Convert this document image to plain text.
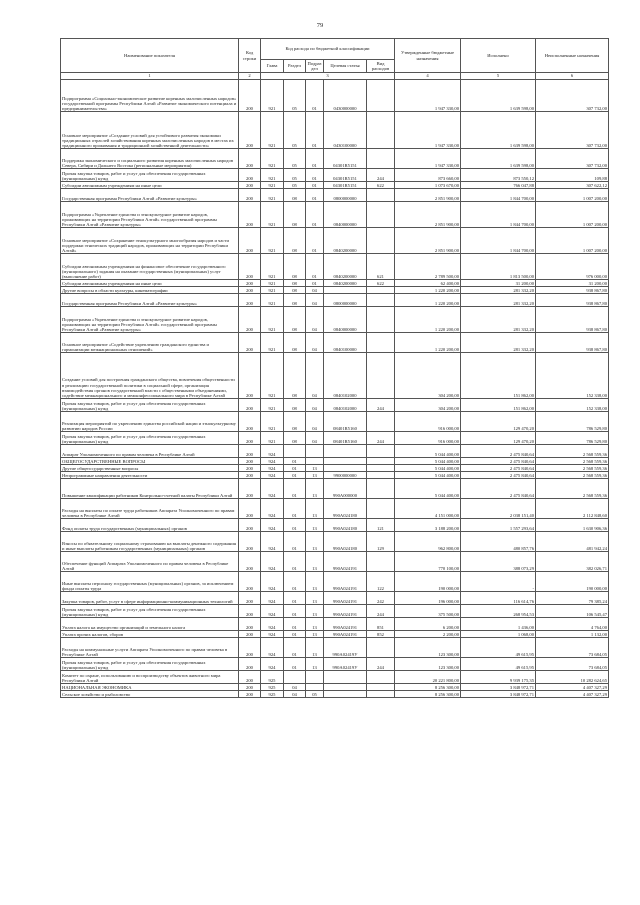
79
Наименование показателя	Код строки	Код расхода по бюджетной классификации					Утвержденные бюджетные назначения	Исполнено	Неисполненные назначения
		Глава	Раздел	Подраз дел	Целевая статья	Вид расходов			
1	2	3					4	5	6
Подпрограмма «Социально-экономическое развитие коренных малочисленных народов» государственной программы Республики Алтай «Развитие экономического потенциала и предпринимательства»	200	921	05	01	0430000000		1 947 330,00	1 639 598,00	307 732,00
Основное мероприятие «Создание условий для устойчивого развития экономики традиционных отраслей хозяйствования коренных малочисленных народов в местах их традиционного проживания и традиционной хозяйственной деятельности»	200	921	05	01	0430100000		1 947 330,00	1 639 598,00	307 732,00
Поддержка экономического и социального развития коренных малочисленных народов Севера, Сибири и Дальнего Востока (региональные мероприятия)	200	921	05	01	04301R5151		1 947 330,00	1 639 598,00	307 732,00
Прочая закупка товаров, работ и услуг для обеспечения государственных (муниципальных) нужд	200	921	05	01	04301R5151	244	873 660,00	873 550,12	109,88
Субсидии автономным учреждениям на иные цели	200	921	05	01	04301R5151	622	1 073 670,00	766 047,88	307 622,12
Государственная программа Республики Алтай «Развитие культуры»	200	921	08	01	0800000000		2 851 900,00	1 844 700,00	1 007 200,00
Подпрограмма «Укрепление единства и этнокультурное развитие народов, проживающих на территории Республики Алтай» государственной программы Республики Алтай «Развитие культуры»	200	921	08	01	0840000000		2 851 900,00	1 844 700,00	1 007 200,00
Основное мероприятие «Сохранение этнокультурного многообразия народов и части поддержки этнических традиций народов, проживающих на территории Республики Алтай»	200	921	08	01	0840200000		2 851 900,00	1 844 700,00	1 007 200,00
Субсидии автономным учреждениям на финансовое обеспечение государственного (муниципального) задания на оказание государственных (муниципальных) услуг (выполнение работ)	200	921	08	01	0840200000	621	2 789 500,00	1 813 500,00	976 000,00
Субсидии автономным учреждениям на иные цели	200	921	08	01	0840200000	622	62 400,00	31 200,00	31 200,00
Другие вопросы в области культуры, кинематографии	200	921	08	04			1 220 200,00	281 332,20	938 867,80
Государственная программа Республики Алтай «Развитие культуры»	200	921	08	04	0800000000		1 220 200,00	281 332,20	938 867,80
Подпрограмма «Укрепление единства и этнокультурное развитие народов, проживающих на территории Республики Алтай» государственной программы Республики Алтай «Развитие культуры»	200	921	08	04	0840000000		1 220 200,00	281 332,20	938 867,80
Основное мероприятие «Содействие укреплению гражданского единства и гармонизации межнациональных отношений»	200	921	08	04	0840100000		1 220 200,00	281 332,20	938 867,80
Создание условий для построения гражданского общества, вовлечения общественности в реализацию государственной политики в социальной сфере, организация взаимодействия органов государственной власти с общественными объединениями, содействие межнационального и межконфессионального мира в Республике Алтай	200	921	08	04	0840102000		304 200,00	151 862,00	152 338,00
Прочая закупка товаров, работ и услуг для обеспечения государственных (муниципальных) нужд	200	921	08	04	0840102000	244	304 200,00	151 862,00	152 338,00
Реализация мероприятий по укреплению единства российской нации и этнокультурному развитию народов России	200	921	08	04	08401R5160		916 000,00	129 470,20	786 529,80
Прочая закупка товаров, работ и услуг для обеспечения государственных (муниципальных) нужд	200	921	08	04	08401R5160	244	916 000,00	129 470,20	786 529,80
Аппарат Уполномоченного по правам человека в Республике Алтай	200	924					5 044 400,00	2 475 840,64	2 568 559,36
ОБЩЕГОСУДАРСТВЕННЫЕ ВОПРОСЫ	200	924	01				5 044 400,00	2 475 840,64	2 568 559,36
Другие общегосударственные вопросы	200	924	01	13			5 044 400,00	2 475 840,64	2 568 559,36
Непрограммные направления деятельности	200	924	01	13	9900000000		5 044 400,00	2 475 840,64	2 568 559,36
Повышение квалификации работников Контрольно-счетной палаты Республики Алтай	200	924	01	13	990A000000		5 044 400,00	2 475 840,64	2 568 559,36
Расходы на выплаты по оплате труда работников Аппарата Уполномоченного по правам человека в Республике Алтай	200	924	01	13	990A024180		4 151 000,00	2 038 151,40	2 112 848,60
Фонд оплаты труда государственных (муниципальных) органов	200	924	01	13	990A024180	121	3 188 200,00	1 557 293,64	1 630 906,36
Взносы по обязательному социальному страхованию на выплаты денежного содержания и иные выплаты работникам государственных (муниципальных) органов	200	924	01	13	990A024180	129	962 800,00	480 857,76	481 942,24
Обеспечение функций Аппарата Уполномоченного по правам человека в Республике Алтай	200	924	01	13	990A024191		770 100,00	388 073,29	382 026,71
Иные выплаты персоналу государственных (муниципальных) органов, за исключением фонда оплаты труда	200	924	01	13	990A024191	122	190 000,00	-	190 000,00
Закупка товаров, работ, услуг в сфере информационно-коммуникационных технологий	200	924	01	13	990A024191	242	196 000,00	116 614,76	79 385,24
Прочая закупка товаров, работ и услуг для обеспечения государственных (муниципальных) нужд	200	924	01	13	990A024191	244	375 500,00	268 954,53	106 545,47
Уплата налога на имущество организаций и земельного налога	200	924	01	13	990A024191	851	6 200,00	1 436,00	4 764,00
Уплата прочих налогов, сборов	200	924	01	13	990A024191	852	2 200,00	1 068,00	1 132,00
Расходы на коммунальные услуги Аппарата Уполномоченного по правам человека в Республике Алтай	200	924	01	13	990A02419У		123 300,00	49 615,95	73 684,05
Прочая закупка товаров, работ и услуг для обеспечения государственных (муниципальных) нужд	200	924	01	13	990A02419У	244	123 300,00	49 615,95	73 684,05
Комитет по охране, использованию и воспроизводству объектов животного мира Республики Алтай	200	925					20 221 800,00	9 939 175,35	10 282 624,65
НАЦИОНАЛЬНАЯ ЭКОНОМИКА	200	925	04				8 256 300,00	3 848 972,71	4 407 327,29
Сельское хозяйство и рыболовство	200	925	04	05			8 256 300,00	3 848 972,71	4 407 327,29
